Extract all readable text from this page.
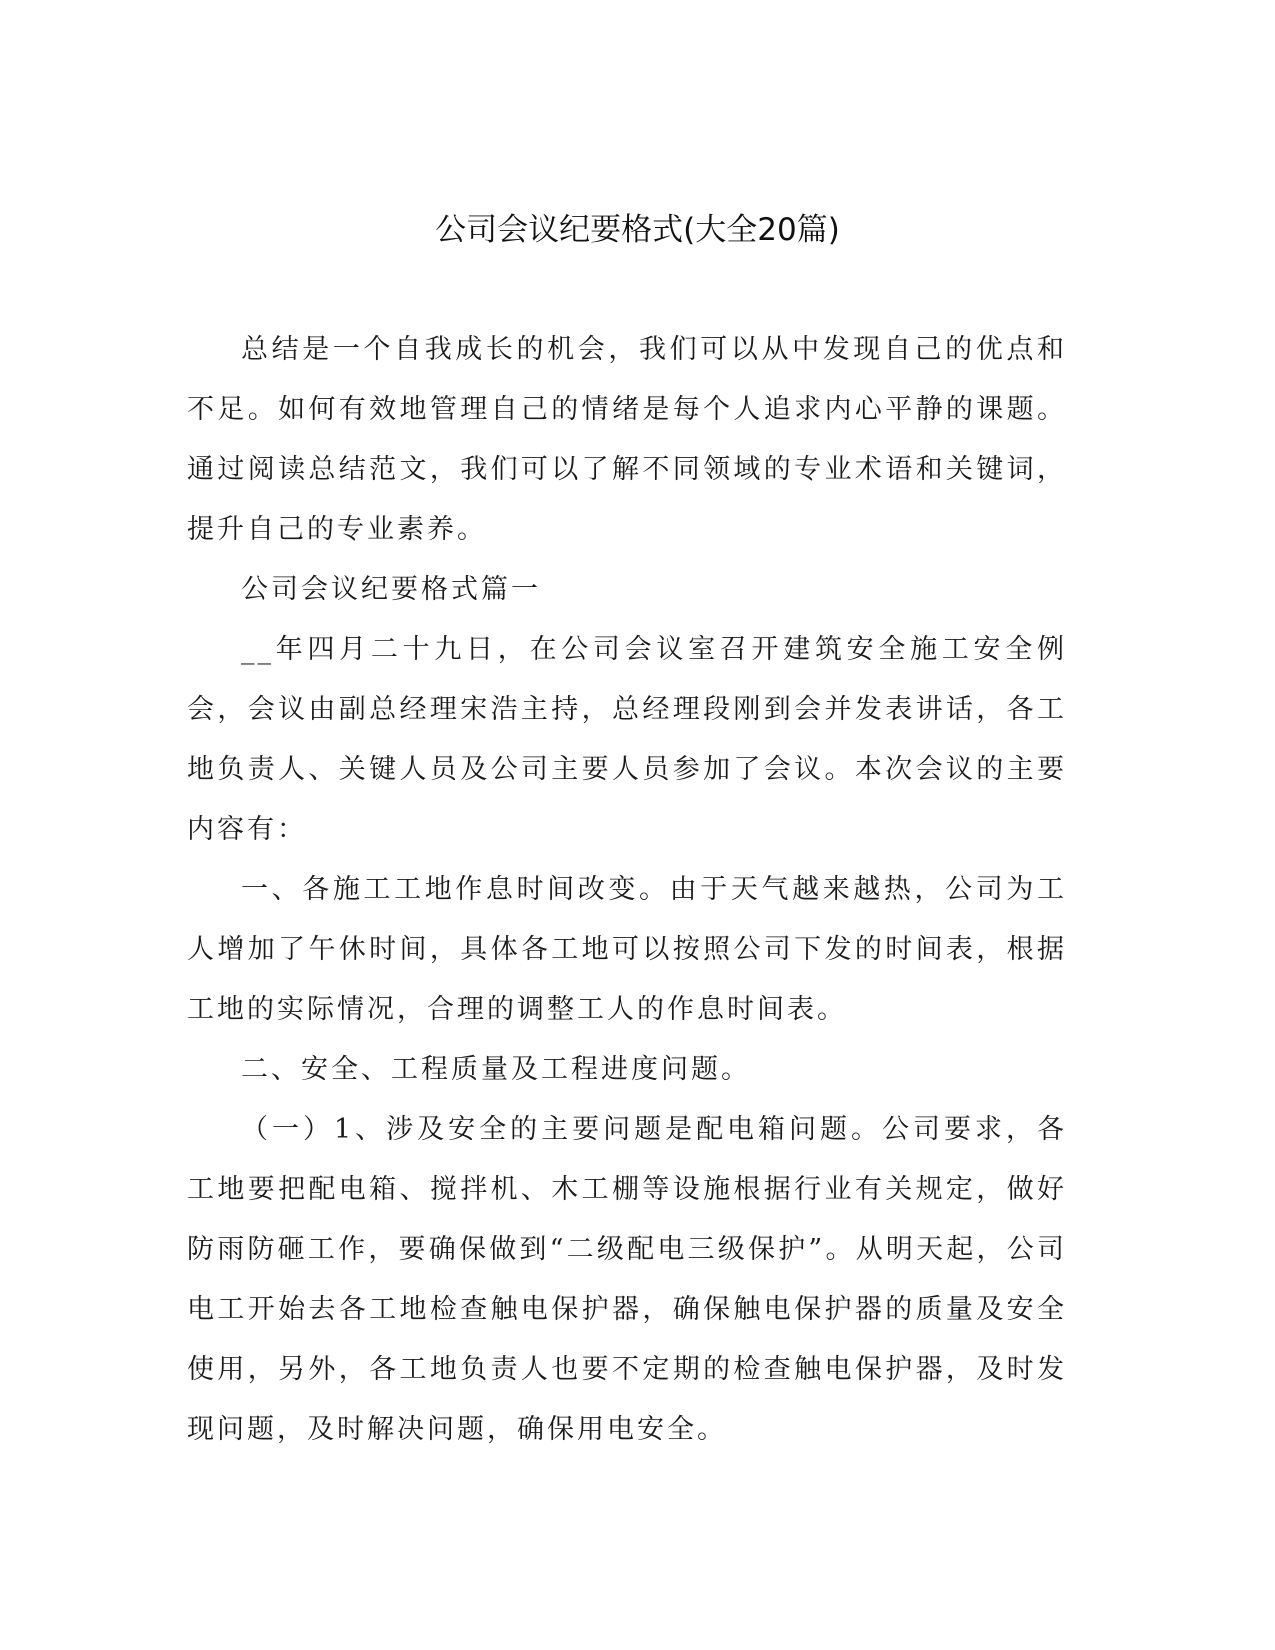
公司会议纪要格式(大全20篇)

总结是一个自我成长的机会，我们可以从中发现自己的优点和不足。如何有效地管理自己的情绪是每个人追求内心平静的课题。通过阅读总结范文，我们可以了解不同领域的专业术语和关键词，提升自己的专业素养。

公司会议纪要格式篇一

__年四月二十九日，在公司会议室召开建筑安全施工安全例会，会议由副总经理宋浩主持，总经理段刚到会并发表讲话，各工地负责人、关键人员及公司主要人员参加了会议。本次会议的主要内容有：

一、各施工工地作息时间改变。由于天气越来越热，公司为工人增加了午休时间，具体各工地可以按照公司下发的时间表，根据工地的实际情况，合理的调整工人的作息时间表。

二、安全、工程质量及工程进度问题。

（一）1、涉及安全的主要问题是配电箱问题。公司要求，各工地要把配电箱、搅拌机、木工棚等设施根据行业有关规定，做好防雨防砸工作，要确保做到“二级配电三级保护”。从明天起，公司电工开始去各工地检查触电保护器，确保触电保护器的质量及安全使用，另外，各工地负责人也要不定期的检查触电保护器，及时发现问题，及时解决问题，确保用电安全。
